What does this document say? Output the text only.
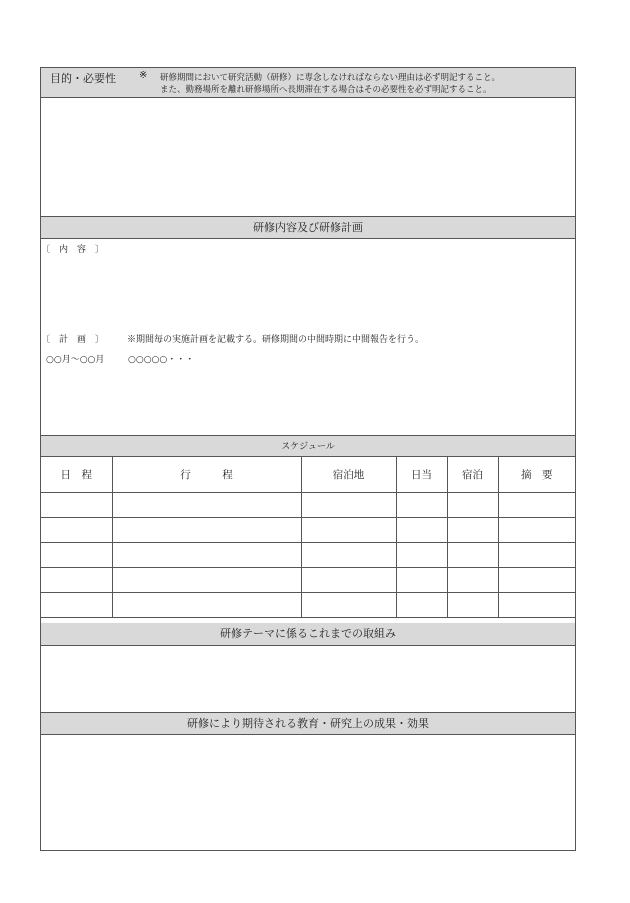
目的・必要性 ※ 研修期間において研究活動（研修）に専念しなければならない理由は必ず明記すること。
また、勤務場所を離れ研修場所へ長期滞在する場合はその必要性を必ず明記すること。
研修内容及び研修計画
〔　内　容　〕
〔　計　画　〕	※期間毎の実施計画を記載する。研修期間の中間時期に中間報告を行う。
○○月～○○月	○○○○○・・・
スケジュール
日　程	行　　　程	宿泊地	日当	宿泊	摘　要

研修テーマに係るこれまでの取組み
研修により期待される教育・研究上の成果・効果
